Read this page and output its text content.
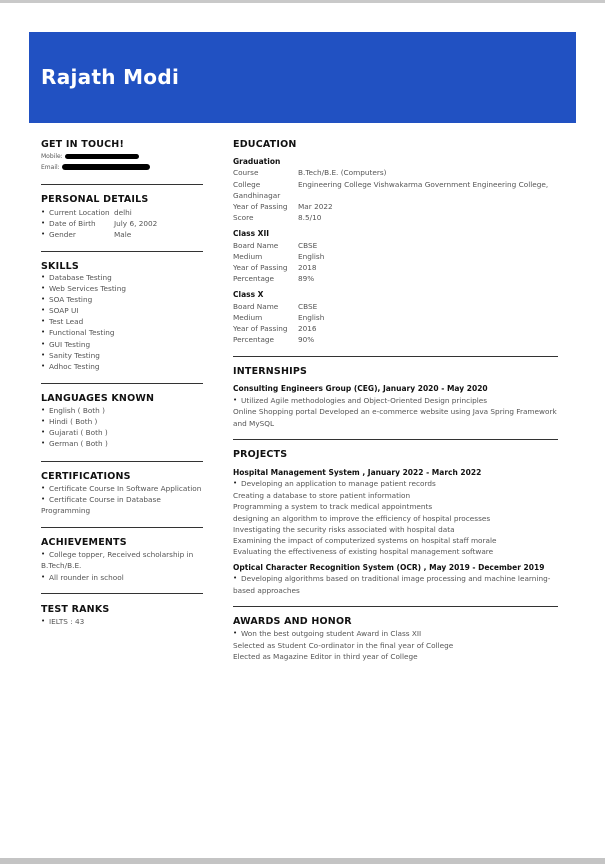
Rajath Modi
GET IN TOUCH!
Mobile:
Email:
PERSONAL DETAILS
• Current Location delhi
• Date of Birth	July 6, 2002
• Gender	Male
SKILLS
• Database Testing
• Web Services Testing
• SOA Testing
• SOAP UI
• Test Lead
• Functional Testing
• GUI Testing
• Sanity Testing
• Adhoc Testing
LANGUAGES KNOWN
• English ( Both )
• Hindi ( Both )
• Gujarati ( Both )
• German ( Both )
CERTIFICATIONS
• Certificate Course In Software Application
• Certificate Course in Database
Programming
ACHIEVEMENTS
• College topper, Received scholarship in
B.Tech/B.E.
• All rounder in school
TEST RANKS
• IELTS : 43
EDUCATION
Graduation
Course	B.Tech/B.E. (Computers)
College	Engineering College Vishwakarma Government Engineering College,
Gandhinagar
Year of Passing Mar 2022
Score	8.5/10
Class XII
Board Name	CBSE
Medium	English
Year of Passing 2018
Percentage	89%
Class X
Board Name	CBSE
Medium	English
Year of Passing 2016
Percentage	90%
INTERNSHIPS
Consulting Engineers Group (CEG), January 2020 - May 2020
• Utilized Agile methodologies and Object-Oriented Design principles
Online Shopping portal Developed an e-commerce website using Java Spring Framework
and MySQL
PROJECTS
Hospital Management System , January 2022 - March 2022
• Developing an application to manage patient records
Creating a database to store patient information
Programming a system to track medical appointments
designing an algorithm to improve the efficiency of hospital processes
Investigating the security risks associated with hospital data
Examining the impact of computerized systems on hospital staff morale
Evaluating the effectiveness of existing hospital management software
Optical Character Recognition System (OCR) , May 2019 - December 2019
• Developing algorithms based on traditional image processing and machine learning-
based approaches
AWARDS AND HONOR
• Won the best outgoing student Award in Class XII
Selected as Student Co-ordinator in the final year of College
Elected as Magazine Editor in third year of College
